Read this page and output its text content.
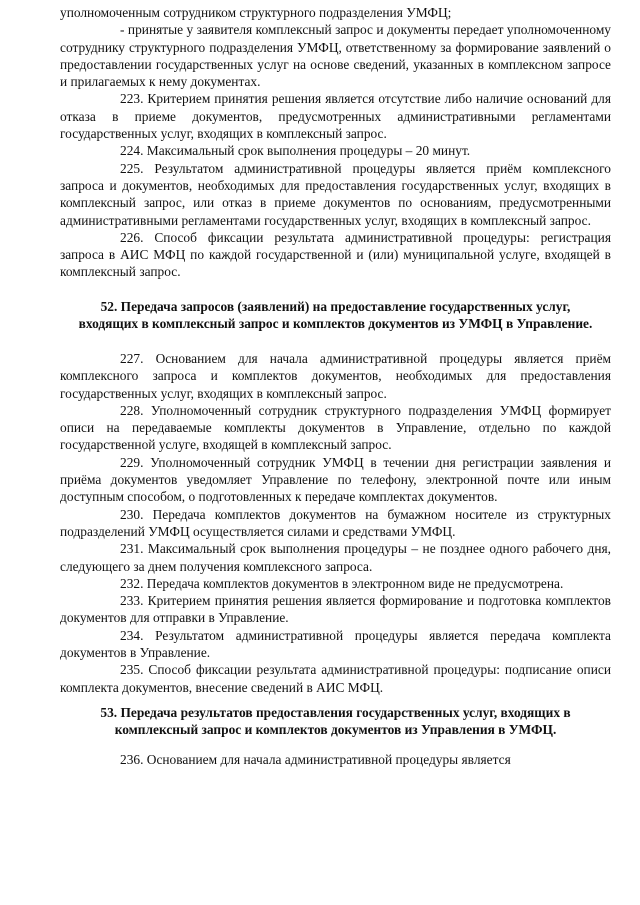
уполномоченным сотрудником структурного подразделения УМФЦ;

- принятые у заявителя комплексный запрос и документы передает уполномоченному сотруднику структурного подразделения УМФЦ, ответственному за формирование заявлений о предоставлении государственных услуг на основе сведений, указанных в комплексном запросе и прилагаемых к нему документах.

223. Критерием принятия решения является отсутствие либо наличие оснований для отказа в приеме документов, предусмотренных административными регламентами государственных услуг, входящих в комплексный запрос.

224. Максимальный срок выполнения процедуры – 20 минут.

225. Результатом административной процедуры является приём комплексного запроса и документов, необходимых для предоставления государственных услуг, входящих в комплексный запрос, или отказ в приеме документов по основаниям, предусмотренными административными регламентами государственных услуг, входящих в комплексный запрос.

226. Способ фиксации результата административной процедуры: регистрация запроса в АИС МФЦ по каждой государственной и (или) муниципальной услуге, входящей в комплексный запрос.

52. Передача запросов (заявлений) на предоставление государственных услуг, входящих в комплексный запрос и комплектов документов из УМФЦ в Управление.

227. Основанием для начала административной процедуры является приём комплексного запроса и комплектов документов, необходимых для предоставления государственных услуг, входящих в комплексный запрос.

228. Уполномоченный сотрудник структурного подразделения УМФЦ формирует описи на передаваемые комплекты документов в Управление, отдельно по каждой государственной услуге, входящей в комплексный запрос.

229. Уполномоченный сотрудник УМФЦ в течении дня регистрации заявления и приёма документов уведомляет Управление по телефону, электронной почте или иным доступным способом, о подготовленных к передаче комплектах документов.

230. Передача комплектов документов на бумажном носителе из структурных подразделений УМФЦ осуществляется силами и средствами УМФЦ.

231. Максимальный срок выполнения процедуры – не позднее одного рабочего дня, следующего за днем получения комплексного запроса.

232. Передача комплектов документов в электронном виде не предусмотрена.

233. Критерием принятия решения является формирование и подготовка комплектов документов для отправки в Управление.

234. Результатом административной процедуры является передача комплекта документов в Управление.

235. Способ фиксации результата административной процедуры: подписание описи комплекта документов, внесение сведений в АИС МФЦ.

53. Передача результатов предоставления государственных услуг, входящих в комплексный запрос и комплектов документов из Управления в УМФЦ.

236. Основанием для начала административной процедуры является
